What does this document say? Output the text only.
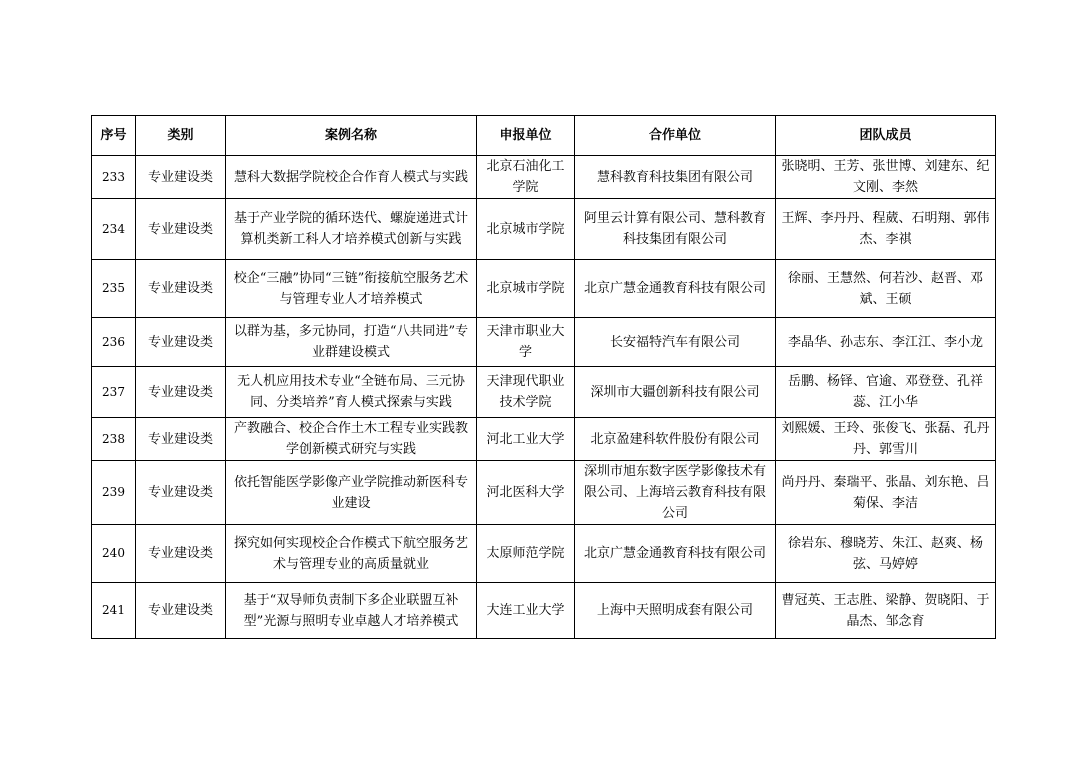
序号	类别	案例名称	申报单位	合作单位	团队成员
233	专业建设类	慧科大数据学院校企合作育人模式与实践	北京石油化工学院	慧科教育科技集团有限公司	张晓明、王芳、张世博、刘建东、纪文刚、李然
234	专业建设类	基于产业学院的循环迭代、螺旋递进式计算机类新工科人才培养模式创新与实践	北京城市学院	阿里云计算有限公司、慧科教育科技集团有限公司	王辉、李丹丹、程葳、石明翔、郭伟杰、李祺
235	专业建设类	校企“三融”协同“三链”衔接航空服务艺术与管理专业人才培养模式	北京城市学院	北京广慧金通教育科技有限公司	徐丽、王慧然、何若沙、赵晋、邓斌、王硕
236	专业建设类	以群为基，多元协同，打造“八共同进”专业群建设模式	天津市职业大学	长安福特汽车有限公司	李晶华、孙志东、李江江、李小龙
237	专业建设类	无人机应用技术专业“全链布局、三元协同、分类培养”育人模式探索与实践	天津现代职业技术学院	深圳市大疆创新科技有限公司	岳鹏、杨铎、官逾、邓登登、孔祥蕊、江小华
238	专业建设类	产教融合、校企合作土木工程专业实践教学创新模式研究与实践	河北工业大学	北京盈建科软件股份有限公司	刘熙媛、王玲、张俊飞、张磊、孔丹丹、郭雪川
239	专业建设类	依托智能医学影像产业学院推动新医科专业建设	河北医科大学	深圳市旭东数字医学影像技术有限公司、上海培云教育科技有限公司	尚丹丹、秦瑞平、张晶、刘东艳、吕菊保、李洁
240	专业建设类	探究如何实现校企合作模式下航空服务艺术与管理专业的高质量就业	太原师范学院	北京广慧金通教育科技有限公司	徐岩东、穆晓芳、朱江、赵爽、杨弦、马婷婷
241	专业建设类	基于“双导师负责制下多企业联盟互补型”光源与照明专业卓越人才培养模式	大连工业大学	上海中天照明成套有限公司	曹冠英、王志胜、梁静、贺晓阳、于晶杰、邹念育
